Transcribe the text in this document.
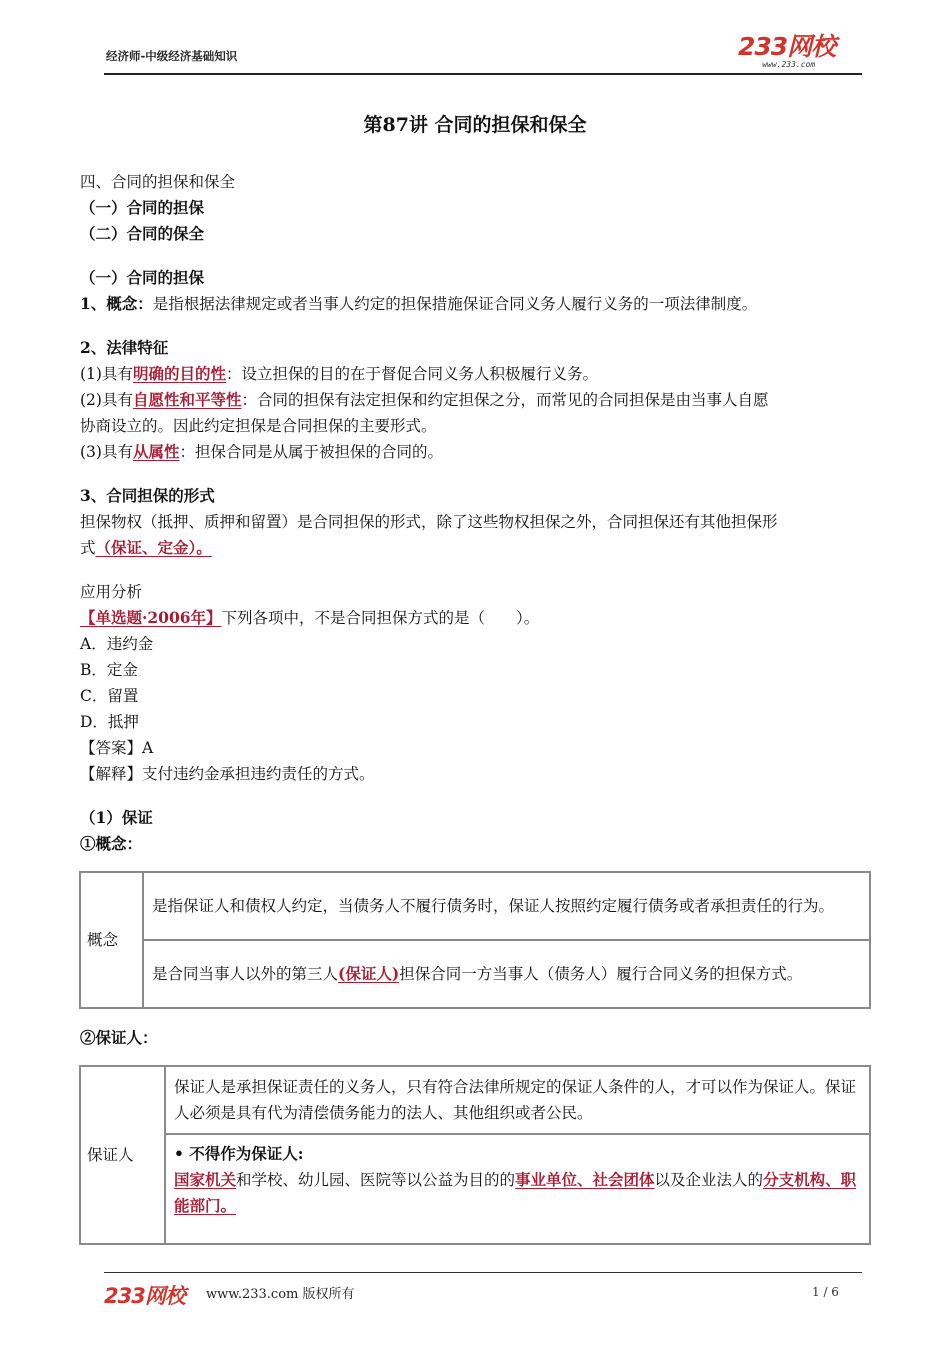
经济师-中级经济基础知识	233网校
www.233.com
第87讲 合同的担保和保全
四、合同的担保和保全
（一）合同的担保
（二）合同的保全
（一）合同的担保
1、概念：是指根据法律规定或者当事人约定的担保措施保证合同义务人履行义务的一项法律制度。
2、法律特征
(1)具有明确的目的性：设立担保的目的在于督促合同义务人积极履行义务。
(2)具有自愿性和平等性：合同的担保有法定担保和约定担保之分，而常见的合同担保是由当事人自愿
协商设立的。因此约定担保是合同担保的主要形式。
(3)具有从属性：担保合同是从属于被担保的合同的。
3、合同担保的形式
担保物权（抵押、质押和留置）是合同担保的形式，除了这些物权担保之外，合同担保还有其他担保形
式（保证、定金）。
应用分析
【单选题·2006年】下列各项中，不是合同担保方式的是（　　）。
A．违约金
B．定金
C．留置
D．抵押
【答案】A
【解释】支付违约金承担违约责任的方式。
（1）保证
①概念：
概念	是指保证人和债权人约定，当债务人不履行债务时，保证人按照约定履行债务或者承担责任的行为。
是合同当事人以外的第三人(保证人)担保合同一方当事人（债务人）履行合同义务的担保方式。
②保证人：
保证人	保证人是承担保证责任的义务人，只有符合法律所规定的保证人条件的人，才可以作为保证人。保证人必须是具有代为清偿债务能力的法人、其他组织或者公民。

• 不得作为保证人:
国家机关和学校、幼儿园、医院等以公益为目的的事业单位、社会团体以及企业法人的分支机构、职能部门。
233网校 www.233.com 版权所有	1 / 6
